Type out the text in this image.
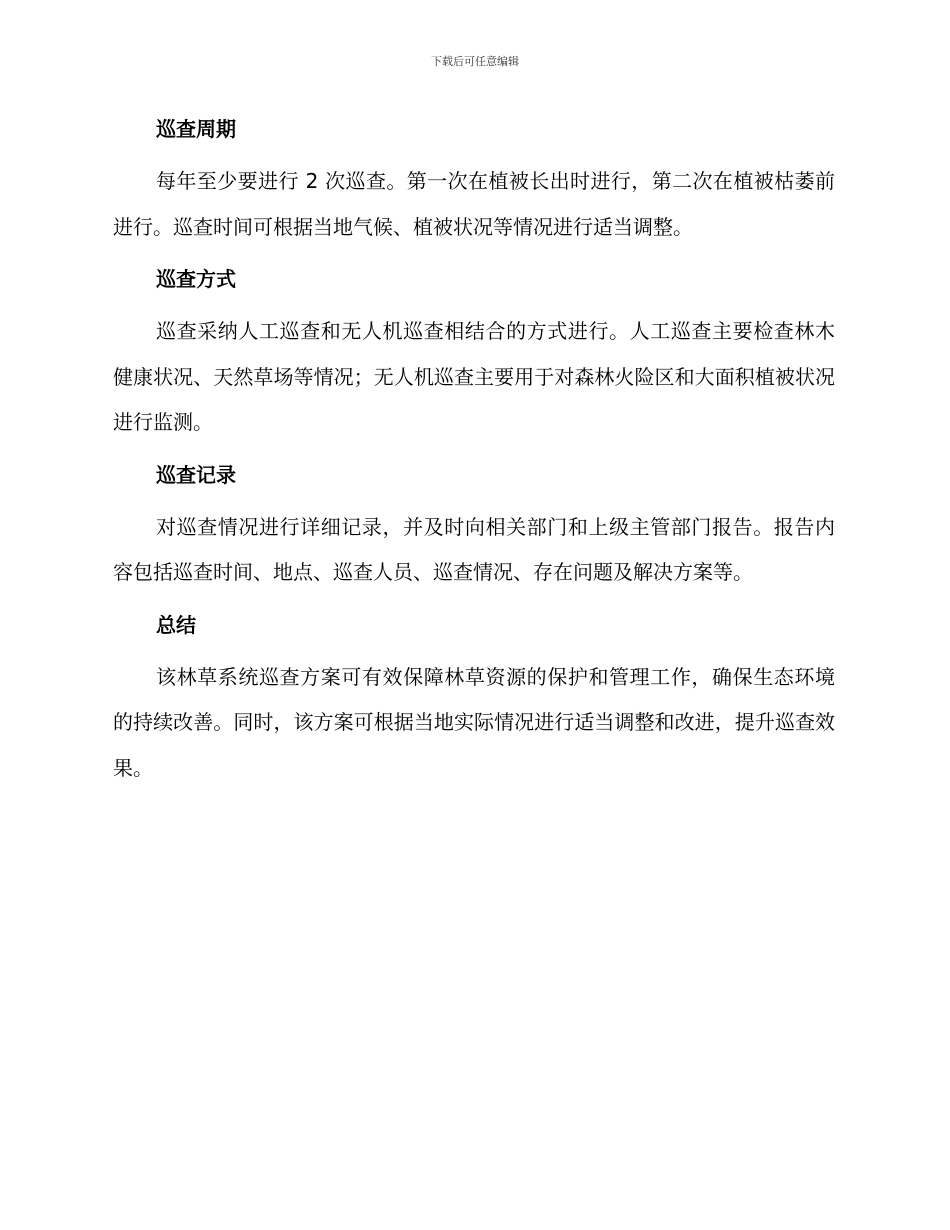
下载后可任意编辑
巡查周期

每年至少要进行 2 次巡查。第一次在植被长出时进行，第二次在植被枯萎前进行。巡查时间可根据当地气候、植被状况等情况进行适当调整。

巡查方式

巡查采纳人工巡查和无人机巡查相结合的方式进行。人工巡查主要检查林木健康状况、天然草场等情况；无人机巡查主要用于对森林火险区和大面积植被状况进行监测。

巡查记录

对巡查情况进行详细记录，并及时向相关部门和上级主管部门报告。报告内容包括巡查时间、地点、巡查人员、巡查情况、存在问题及解决方案等。

总结

该林草系统巡查方案可有效保障林草资源的保护和管理工作，确保生态环境的持续改善。同时，该方案可根据当地实际情况进行适当调整和改进，提升巡查效果。
